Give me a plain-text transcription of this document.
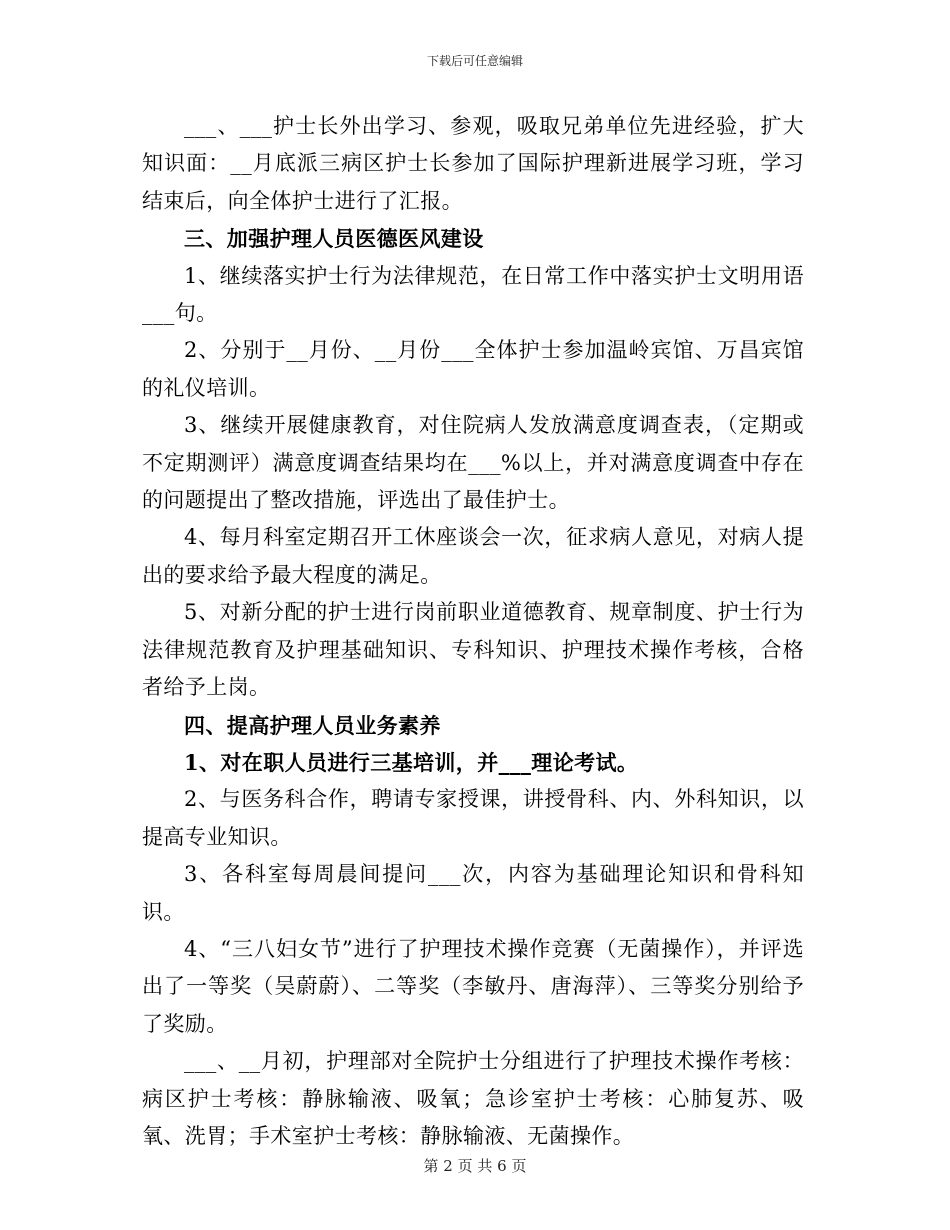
下载后可任意编辑

___、___护士长外出学习、参观，吸取兄弟单位先进经验，扩大知识面：__月底派三病区护士长参加了国际护理新进展学习班，学习结束后，向全体护士进行了汇报。

三、加强护理人员医德医风建设

1、继续落实护士行为法律规范，在日常工作中落实护士文明用语___句。

2、分别于__月份、__月份___全体护士参加温岭宾馆、万昌宾馆的礼仪培训。

3、继续开展健康教育，对住院病人发放满意度调查表，（定期或不定期测评）满意度调查结果均在___%以上，并对满意度调查中存在的问题提出了整改措施，评选出了最佳护士。

4、每月科室定期召开工休座谈会一次，征求病人意见，对病人提出的要求给予最大程度的满足。

5、对新分配的护士进行岗前职业道德教育、规章制度、护士行为法律规范教育及护理基础知识、专科知识、护理技术操作考核，合格者给予上岗。

四、提高护理人员业务素养

1、对在职人员进行三基培训，并___理论考试。

2、与医务科合作，聘请专家授课，讲授骨科、内、外科知识，以提高专业知识。

3、各科室每周晨间提问___次，内容为基础理论知识和骨科知识。

4、“三八妇女节”进行了护理技术操作竞赛（无菌操作），并评选出了一等奖（吴蔚蔚）、二等奖（李敏丹、唐海萍）、三等奖分别给予了奖励。

___、__月初，护理部对全院护士分组进行了护理技术操作考核：病区护士考核：静脉输液、吸氧；急诊室护士考核：心肺复苏、吸氧、洗胃；手术室护士考核：静脉输液、无菌操作。

第 2 页 共 6 页
